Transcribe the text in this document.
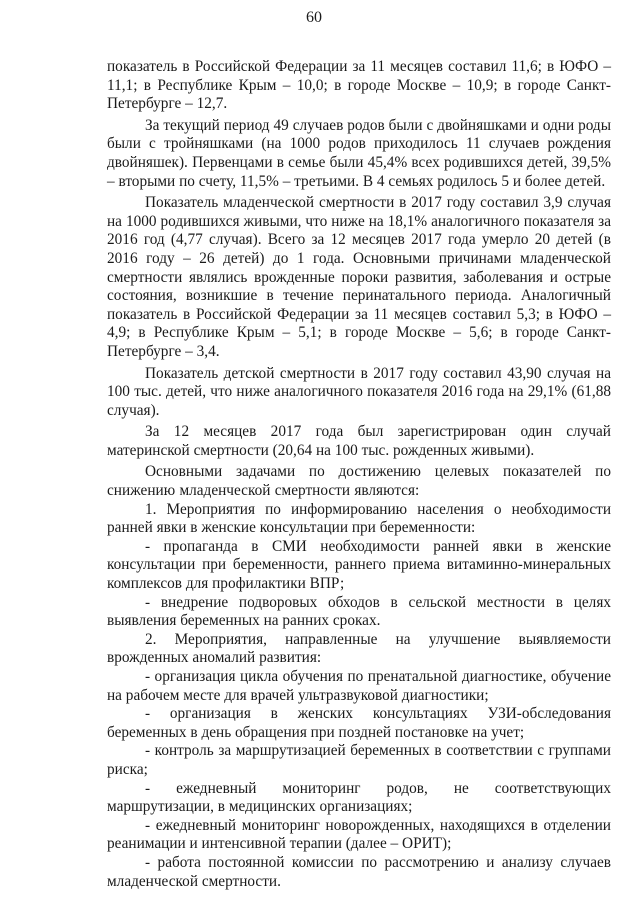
60

показатель в Российской Федерации за 11 месяцев составил 11,6; в ЮФО – 11,1; в Республике Крым – 10,0; в городе Москве – 10,9; в городе Санкт-Петербурге – 12,7.

За текущий период 49 случаев родов были с двойняшками и одни роды были с тройняшками (на 1000 родов приходилось 11 случаев рождения двойняшек). Первенцами в семье были 45,4% всех родившихся детей, 39,5% – вторыми по счету, 11,5% – третьими. В 4 семьях родилось 5 и более детей.

Показатель младенческой смертности в 2017 году составил 3,9 случая на 1000 родившихся живыми, что ниже на 18,1% аналогичного показателя за 2016 год (4,77 случая). Всего за 12 месяцев 2017 года умерло 20 детей (в 2016 году – 26 детей) до 1 года. Основными причинами младенческой смертности являлись врожденные пороки развития, заболевания и острые состояния, возникшие в течение перинатального периода. Аналогичный показатель в Российской Федерации за 11 месяцев составил 5,3; в ЮФО – 4,9; в Республике Крым – 5,1; в городе Москве – 5,6; в городе Санкт-Петербурге – 3,4.

Показатель детской смертности в 2017 году составил 43,90 случая на 100 тыс. детей, что ниже аналогичного показателя 2016 года на 29,1% (61,88 случая).

За 12 месяцев 2017 года был зарегистрирован один случай материнской смертности (20,64 на 100 тыс. рожденных живыми).

Основными задачами по достижению целевых показателей по снижению младенческой смертности являются:

1. Мероприятия по информированию населения о необходимости ранней явки в женские консультации при беременности:

- пропаганда в СМИ необходимости ранней явки в женские консультации при беременности, раннего приема витаминно-минеральных комплексов для профилактики ВПР;

- внедрение подворовых обходов в сельской местности в целях выявления беременных на ранних сроках.

2. Мероприятия, направленные на улучшение выявляемости врожденных аномалий развития:

- организация цикла обучения по пренатальной диагностике, обучение на рабочем месте для врачей ультразвуковой диагностики;

- организация в женских консультациях УЗИ-обследования беременных в день обращения при поздней постановке на учет;

- контроль за маршрутизацией беременных в соответствии с группами риска;

- ежедневный мониторинг родов, не соответствующих маршрутизации, в медицинских организациях;

- ежедневный мониторинг новорожденных, находящихся в отделении реанимации и интенсивной терапии (далее – ОРИТ);

- работа постоянной комиссии по рассмотрению и анализу случаев младенческой смертности.
